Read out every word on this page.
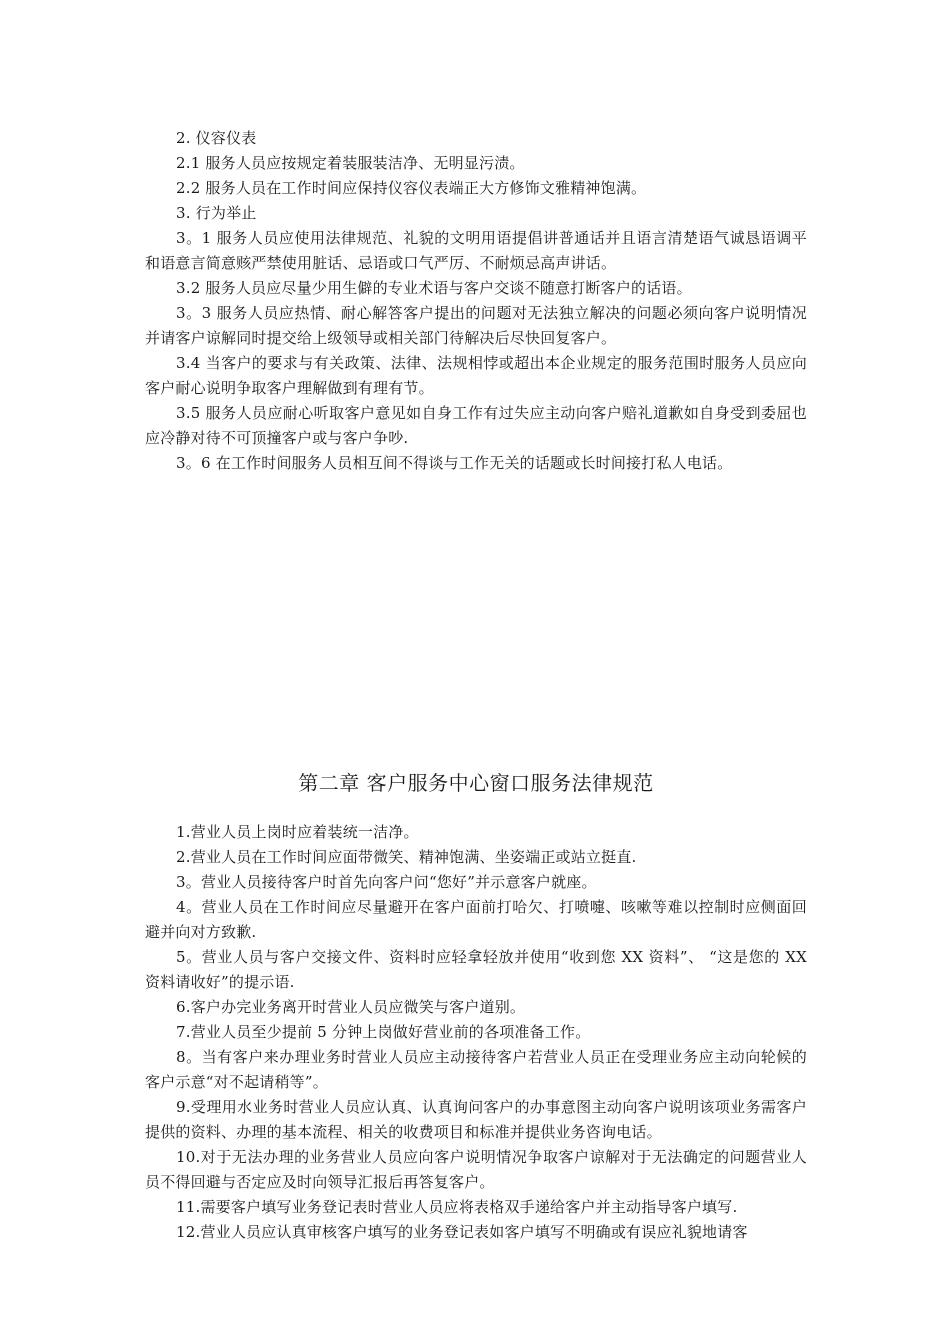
2. 仪容仪表

2.1 服务人员应按规定着装服装洁净、无明显污渍。

2.2 服务人员在工作时间应保持仪容仪表端正大方修饰文雅精神饱满。

3. 行为举止

3。1 服务人员应使用法律规范、礼貌的文明用语提倡讲普通话并且语言清楚语气诚恳语调平和语意言简意赅严禁使用脏话、忌语或口气严厉、不耐烦忌高声讲话。

3.2 服务人员应尽量少用生僻的专业术语与客户交谈不随意打断客户的话语。

3。3 服务人员应热情、耐心解答客户提出的问题对无法独立解决的问题必须向客户说明情况并请客户谅解同时提交给上级领导或相关部门待解决后尽快回复客户。

3.4 当客户的要求与有关政策、法律、法规相悖或超出本企业规定的服务范围时服务人员应向客户耐心说明争取客户理解做到有理有节。

3.5 服务人员应耐心听取客户意见如自身工作有过失应主动向客户赔礼道歉如自身受到委屈也应冷静对待不可顶撞客户或与客户争吵.

3。6 在工作时间服务人员相互间不得谈与工作无关的话题或长时间接打私人电话。

第二章 客户服务中心窗口服务法律规范

1.营业人员上岗时应着装统一洁净。

2.营业人员在工作时间应面带微笑、精神饱满、坐姿端正或站立挺直.

3。营业人员接待客户时首先向客户问“您好”并示意客户就座。

4。营业人员在工作时间应尽量避开在客户面前打哈欠、打喷嚏、咳嗽等难以控制时应侧面回避并向对方致歉.

5。营业人员与客户交接文件、资料时应轻拿轻放并使用“收到您 XX 资料”、 “这是您的 XX 资料请收好”的提示语.

6.客户办完业务离开时营业人员应微笑与客户道别。

7.营业人员至少提前 5 分钟上岗做好营业前的各项准备工作。

8。当有客户来办理业务时营业人员应主动接待客户若营业人员正在受理业务应主动向轮候的客户示意“对不起请稍等”。

9.受理用水业务时营业人员应认真、认真询问客户的办事意图主动向客户说明该项业务需客户提供的资料、办理的基本流程、相关的收费项目和标准并提供业务咨询电话。

10.对于无法办理的业务营业人员应向客户说明情况争取客户谅解对于无法确定的问题营业人员不得回避与否定应及时向领导汇报后再答复客户。

11.需要客户填写业务登记表时营业人员应将表格双手递给客户并主动指导客户填写.

12.营业人员应认真审核客户填写的业务登记表如客户填写不明确或有误应礼貌地请客
